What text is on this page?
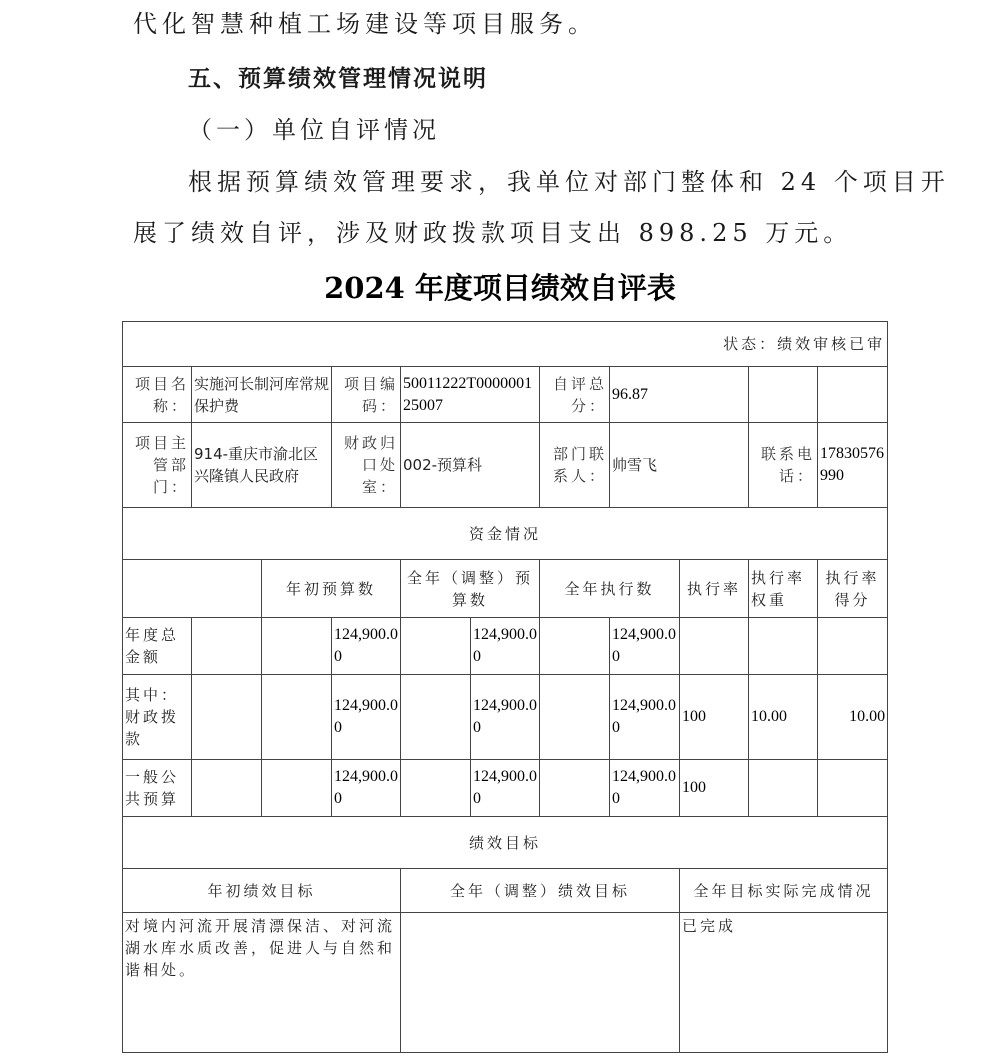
代化智慧种植工场建设等项目服务。
五、预算绩效管理情况说明
（一）单位自评情况
根据预算绩效管理要求，我单位对部门整体和 24 个项目开
展了绩效自评，涉及财政拨款项目支出 898.25 万元。
2024 年度项目绩效自评表
状态：绩效审核已审										
项目名称：	实施河长制河库常规保护费		项目编码：	50011222T000000125007		自评总分：	96.87			
项目主管部门：	914-重庆市渝北区兴隆镇人民政府		财政归口处室：	002-预算科		部门联系人：	帅雪飞		联系电话：	17830576990
资金情况										
		年初预算数		全年（调整）预算数		全年执行数		执行率	执行率权重	执行率得分
年度总金额			124,900.00		124,900.00		124,900.00			
其中：财政拨款			124,900.00		124,900.00		124,900.00	100	10.00	10.00
一般公共预算			124,900.00		124,900.00		124,900.00	100		
绩效目标										
年初绩效目标				全年（调整）绩效目标				全年目标实际完成情况		
对境内河流开展清漂保洁、对河流湖水库水质改善，促进人与自然和谐相处。								已完成		
